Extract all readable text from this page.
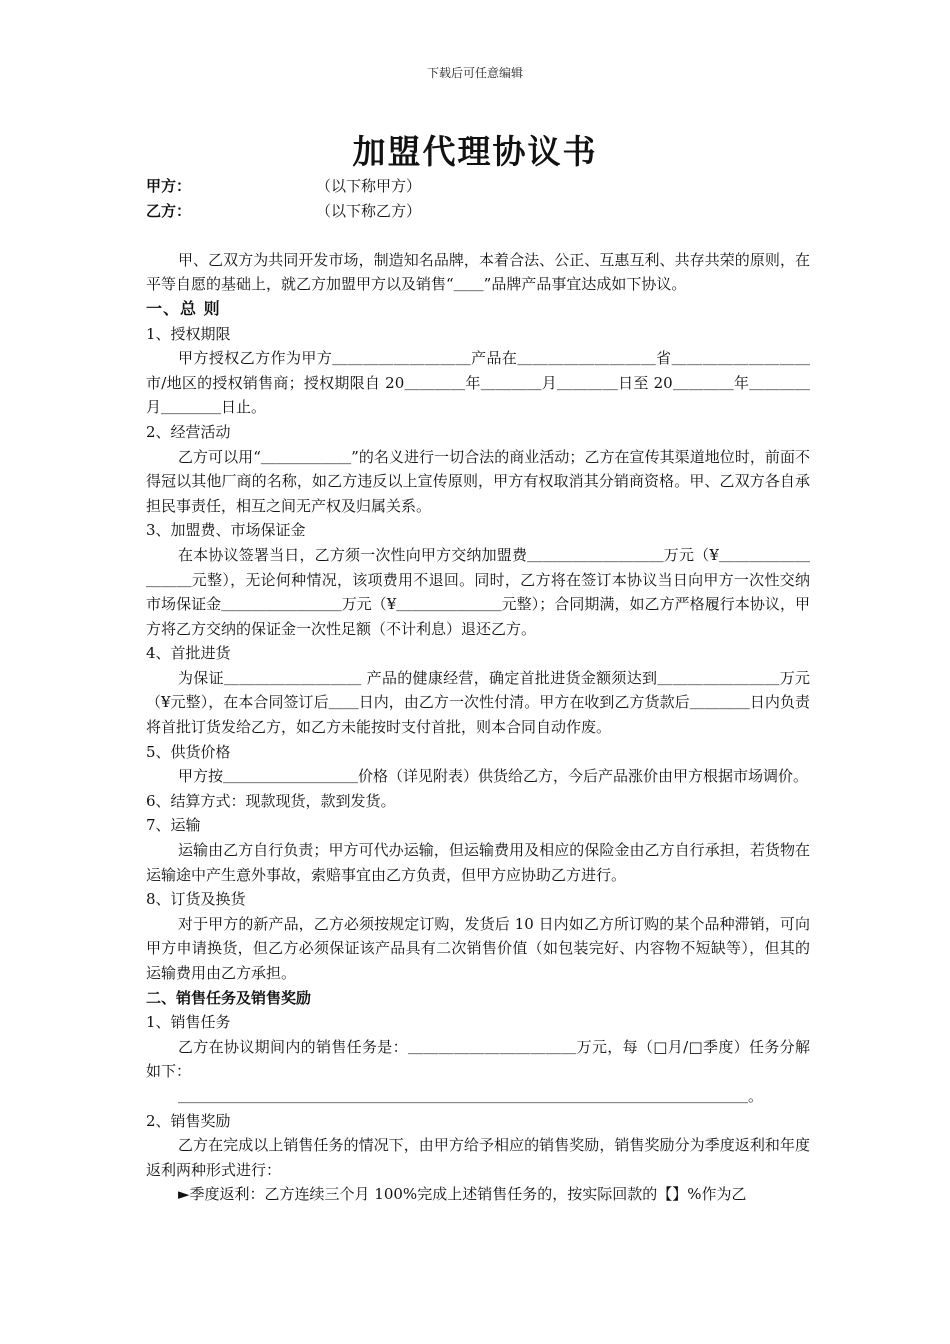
下载后可任意编辑
加盟代理协议书
甲方：	（以下称甲方）
乙方：	（以下称乙方）
甲、乙双方为共同开发市场，制造知名品牌，本着合法、公正、互惠互利、共存共荣的原则，在平等自愿的基础上，就乙方加盟甲方以及销售“＿＿”品牌产品事宜达成如下协议。
一、总 则
1、授权期限
甲方授权乙方作为甲方＿＿＿＿＿＿＿＿＿产品在＿＿＿＿＿＿＿＿＿省＿＿＿＿＿＿＿＿＿市/地区的授权销售商；授权期限自 20＿＿＿＿年＿＿＿＿月＿＿＿＿日至 20＿＿＿＿年＿＿＿＿月＿＿＿＿日止。
2、经营活动
乙方可以用“＿＿＿＿＿＿”的名义进行一切合法的商业活动；乙方在宣传其渠道地位时，前面不得冠以其他厂商的名称，如乙方违反以上宣传原则，甲方有权取消其分销商资格。甲、乙双方各自承担民事责任，相互之间无产权及归属关系。
3、加盟费、市场保证金
在本协议签署当日，乙方须一次性向甲方交纳加盟费＿＿＿＿＿＿＿＿＿万元（¥＿＿＿＿＿＿＿＿＿元整），无论何种情况，该项费用不退回。同时，乙方将在签订本协议当日向甲方一次性交纳市场保证金＿＿＿＿＿＿＿＿万元（¥＿＿＿＿＿＿＿元整）；合同期满，如乙方严格履行本协议，甲方将乙方交纳的保证金一次性足额（不计利息）退还乙方。
4、首批进货
为保证＿＿＿＿＿＿＿＿＿ 产品的健康经营，确定首批进货金额须达到＿＿＿＿＿＿＿＿万元（¥元整），在本合同签订后＿＿日内，由乙方一次性付清。甲方在收到乙方货款后＿＿＿＿日内负责将首批订货发给乙方，如乙方未能按时支付首批，则本合同自动作废。
5、供货价格
甲方按＿＿＿＿＿＿＿＿＿价格（详见附表）供货给乙方，今后产品涨价由甲方根据市场调价。
6、结算方式：现款现货，款到发货。
7、运输
运输由乙方自行负责；甲方可代办运输，但运输费用及相应的保险金由乙方自行承担，若货物在运输途中产生意外事故，索赔事宜由乙方负责，但甲方应协助乙方进行。
8、订货及换货
对于甲方的新产品，乙方必须按规定订购，发货后 10 日内如乙方所订购的某个品种滞销，可向甲方申请换货，但乙方必须保证该产品具有二次销售价值（如包装完好、内容物不短缺等），但其的运输费用由乙方承担。
二、销售任务及销售奖励
1、销售任务
乙方在协议期间内的销售任务是：＿＿＿＿＿＿＿＿＿＿＿万元，每（□月/□季度）任务分解如下：
＿＿＿＿＿＿＿＿＿＿＿＿＿＿＿＿＿＿＿＿＿＿＿＿＿＿＿＿＿＿＿＿＿＿＿＿＿＿。
2、销售奖励
乙方在完成以上销售任务的情况下，由甲方给予相应的销售奖励，销售奖励分为季度返利和年度返利两种形式进行：
►季度返利：乙方连续三个月 100%完成上述销售任务的，按实际回款的【】%作为乙
